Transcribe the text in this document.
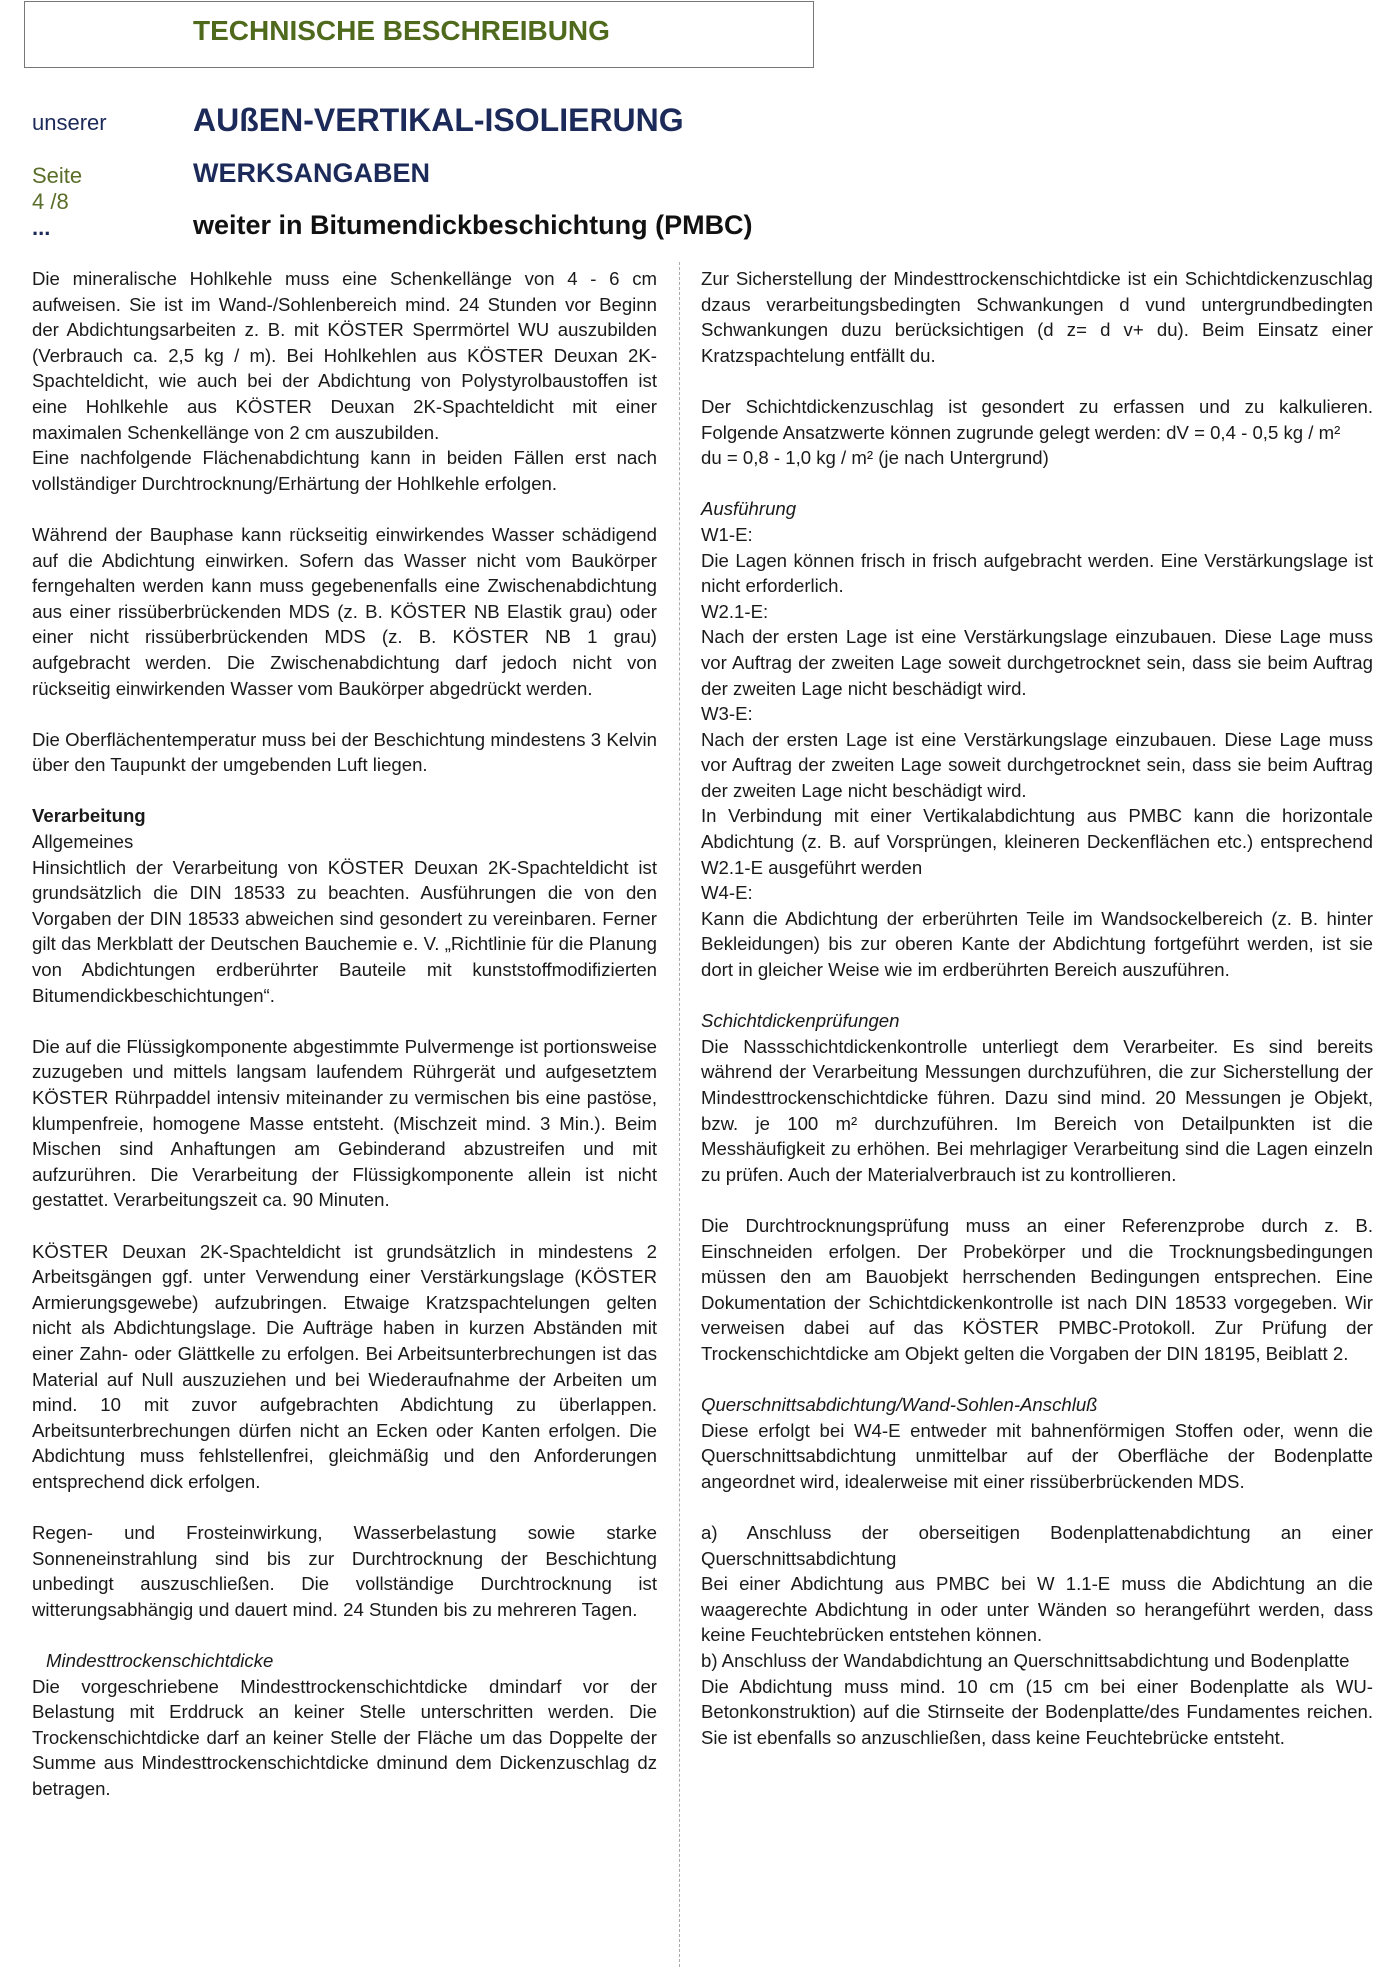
TECHNISCHE BESCHREIBUNG
unserer	AUßEN-VERTIKAL-ISOLIERUNG
Seite 4 /8
WERKSANGABEN
...	weiter in Bitumendickbeschichtung (PMBC)

Die mineralische Hohlkehle muss eine Schenkellänge von 4 - 6 cm aufweisen. Sie ist im Wand-/Sohlenbereich mind. 24 Stunden vor Beginn der Abdichtungsarbeiten z. B. mit KÖSTER Sperrmörtel WU auszubilden (Verbrauch ca. 2,5 kg / m). Bei Hohlkehlen aus KÖSTER Deuxan 2K-Spachteldicht, wie auch bei der Abdichtung von Polystyrolbaustoffen ist eine Hohlkehle aus KÖSTER Deuxan 2K-Spachteldicht mit einer maximalen Schenkellänge von 2 cm auszubilden.

Eine nachfolgende Flächenabdichtung kann in beiden Fällen erst nach vollständiger Durchtrocknung/Erhärtung der Hohlkehle erfolgen.

Während der Bauphase kann rückseitig einwirkendes Wasser schädigend auf die Abdichtung einwirken. Sofern das Wasser nicht vom Baukörper ferngehalten werden kann muss gegebenenfalls eine Zwischenabdichtung aus einer rissüberbrückenden MDS (z. B. KÖSTER NB Elastik grau) oder einer nicht rissüberbrückenden MDS (z. B. KÖSTER NB 1 grau) aufgebracht werden. Die Zwischenabdichtung darf jedoch nicht von rückseitig einwirkenden Wasser vom Baukörper abgedrückt werden.

Die Oberflächentemperatur muss bei der Beschichtung mindestens 3 Kelvin über den Taupunkt der umgebenden Luft liegen.

Verarbeitung

Allgemeines

Hinsichtlich der Verarbeitung von KÖSTER Deuxan 2K-Spachteldicht ist grundsätzlich die DIN 18533 zu beachten. Ausführungen die von den Vorgaben der DIN 18533 abweichen sind gesondert zu vereinbaren. Ferner gilt das Merkblatt der Deutschen Bauchemie e. V. „Richtlinie für die Planung von Abdichtungen erdberührter Bauteile mit kunststoffmodifizierten Bitumendickbeschichtungen“.

Die auf die Flüssigkomponente abgestimmte Pulvermenge ist portionsweise zuzugeben und mittels langsam laufendem Rührgerät und aufgesetztem KÖSTER Rührpaddel intensiv miteinander zu vermischen bis eine pastöse, klumpenfreie, homogene Masse entsteht. (Mischzeit mind. 3 Min.). Beim Mischen sind Anhaftungen am Gebinderand abzustreifen und mit aufzurühren. Die Verarbeitung der Flüssigkomponente allein ist nicht gestattet. Verarbeitungszeit ca. 90 Minuten.

KÖSTER Deuxan 2K-Spachteldicht ist grundsätzlich in mindestens 2 Arbeitsgängen ggf. unter Verwendung einer Verstärkungslage (KÖSTER Armierungsgewebe) aufzubringen. Etwaige Kratzspachtelungen gelten nicht als Abdichtungslage. Die Aufträge haben in kurzen Abständen mit einer Zahn- oder Glättkelle zu erfolgen. Bei Arbeitsunterbrechungen ist das Material auf Null auszuziehen und bei Wiederaufnahme der Arbeiten um mind. 10 mit zuvor aufgebrachten Abdichtung zu überlappen. Arbeitsunterbrechungen dürfen nicht an Ecken oder Kanten erfolgen. Die Abdichtung muss fehlstellenfrei, gleichmäßig und den Anforderungen entsprechend dick erfolgen.

Regen- und Frosteinwirkung, Wasserbelastung sowie starke Sonneneinstrahlung sind bis zur Durchtrocknung der Beschichtung unbedingt auszuschließen. Die vollständige Durchtrocknung ist witterungsabhängig und dauert mind. 24 Stunden bis zu mehreren Tagen.

Mindesttrockenschichtdicke

Die vorgeschriebene Mindesttrockenschichtdicke dmindarf vor der Belastung mit Erddruck an keiner Stelle unterschritten werden. Die Trockenschichtdicke darf an keiner Stelle der Fläche um das Doppelte der Summe aus Mindesttrockenschichtdicke dminund dem Dickenzuschlag dz betragen.

Zur Sicherstellung der Mindesttrockenschichtdicke ist ein Schichtdickenzuschlag dzaus verarbeitungsbedingten Schwankungen d vund untergrundbedingten Schwankungen duzu berücksichtigen (d z= d v+ du). Beim Einsatz einer Kratzspachtelung entfällt du.

Der Schichtdickenzuschlag ist gesondert zu erfassen und zu kalkulieren. Folgende Ansatzwerte können zugrunde gelegt werden: dV = 0,4 - 0,5 kg / m²

du = 0,8 - 1,0 kg / m² (je nach Untergrund)

Ausführung

W1-E:

Die Lagen können frisch in frisch aufgebracht werden. Eine Verstärkungslage ist nicht erforderlich.

W2.1-E:

Nach der ersten Lage ist eine Verstärkungslage einzubauen. Diese Lage muss vor Auftrag der zweiten Lage soweit durchgetrocknet sein, dass sie beim Auftrag der zweiten Lage nicht beschädigt wird.

W3-E:

Nach der ersten Lage ist eine Verstärkungslage einzubauen. Diese Lage muss vor Auftrag der zweiten Lage soweit durchgetrocknet sein, dass sie beim Auftrag der zweiten Lage nicht beschädigt wird.

In Verbindung mit einer Vertikalabdichtung aus PMBC kann die horizontale Abdichtung (z. B. auf Vorsprüngen, kleineren Deckenflächen etc.) entsprechend W2.1-E ausgeführt werden

W4-E:

Kann die Abdichtung der erberührten Teile im Wandsockelbereich (z. B. hinter Bekleidungen) bis zur oberen Kante der Abdichtung fortgeführt werden, ist sie dort in gleicher Weise wie im erdberührten Bereich auszuführen.

Schichtdickenprüfungen

Die Nassschichtdickenkontrolle unterliegt dem Verarbeiter. Es sind bereits während der Verarbeitung Messungen durchzuführen, die zur Sicherstellung der Mindesttrockenschichtdicke führen. Dazu sind mind. 20 Messungen je Objekt, bzw. je 100 m² durchzuführen. Im Bereich von Detailpunkten ist die Messhäufigkeit zu erhöhen. Bei mehrlagiger Verarbeitung sind die Lagen einzeln zu prüfen. Auch der Materialverbrauch ist zu kontrollieren.

Die Durchtrocknungsprüfung muss an einer Referenzprobe durch z. B. Einschneiden erfolgen. Der Probekörper und die Trocknungsbedingungen müssen den am Bauobjekt herrschenden Bedingungen entsprechen. Eine Dokumentation der Schichtdickenkontrolle ist nach DIN 18533 vorgegeben. Wir verweisen dabei auf das KÖSTER PMBC-Protokoll. Zur Prüfung der Trockenschichtdicke am Objekt gelten die Vorgaben der DIN 18195, Beiblatt 2.

Querschnittsabdichtung/Wand-Sohlen-Anschluß

Diese erfolgt bei W4-E entweder mit bahnenförmigen Stoffen oder, wenn die Querschnittsabdichtung unmittelbar auf der Oberfläche der Bodenplatte angeordnet wird, idealerweise mit einer rissüberbrückenden MDS.

a) Anschluss der oberseitigen Bodenplattenabdichtung an einer Querschnittsabdichtung

Bei einer Abdichtung aus PMBC bei W 1.1-E muss die Abdichtung an die waagerechte Abdichtung in oder unter Wänden so herangeführt werden, dass keine Feuchtebrücken entstehen können.

b) Anschluss der Wandabdichtung an Querschnittsabdichtung und Bodenplatte

Die Abdichtung muss mind. 10 cm (15 cm bei einer Bodenplatte als WU-Betonkonstruktion) auf die Stirnseite der Bodenplatte/des Fundamentes reichen. Sie ist ebenfalls so anzuschließen, dass keine Feuchtebrücke entsteht.
